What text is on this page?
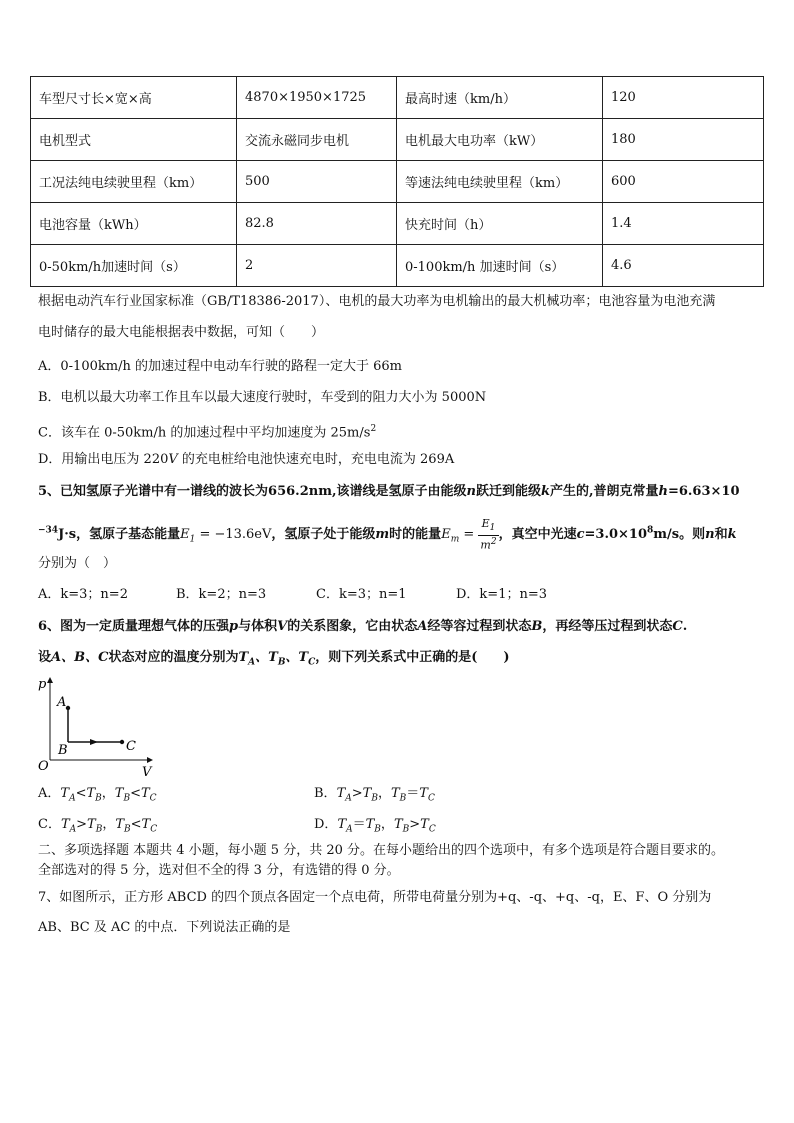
车型尺寸长×宽×高	4870×1950×1725	最高时速（km/h）	120
电机型式	交流永磁同步电机	电机最大电功率（kW）	180
工况法纯电续驶里程（km）	500	等速法纯电续驶里程（km）	600
电池容量（kWh）	82.8	快充时间（h）	1.4
0-50km/h加速时间（s）	2	0-100km/h 加速时间（s）	4.6
根据电动汽车行业国家标准（GB/T18386-2017）、电机的最大功率为电机输出的最大机械功率；电池容量为电池充满
电时储存的最大电能根据表中数据，可知（　　）
A．0-100km/h 的加速过程中电动车行驶的路程一定大于 66m
B．电机以最大功率工作且车以最大速度行驶时，车受到的阻力大小为 5000N
C．该车在 0-50km/h 的加速过程中平均加速度为 $25m/s^2$
D．用输出电压为 220V 的充电桩给电池快速充电时，充电电流为 269A
5、已知氢原子光谱中有一谱线的波长为656.2nm,该谱线是氢原子由能级n跃迁到能级k产生的,普朗克常量h=6.63×10
$^{-34}$J·s，氢原子基态能量$E_1 = -13.6eV$，氢原子处于能级m时的能量$E_m = \frac{E_1}{m^2}$ ，真空中光速$c=3.0\times 10^8m/s$。则n和k
分别为（　）
A．k=3；n=2	B．k=2；n=3	C．k=3；n=1	D．k=1；n=3
6、图为一定质量理想气体的压强p与体积V的关系图象，它由状态A经等容过程到状态B，再经等压过程到状态C.
设A、B、C状态对应的温度分别为$T_A$、$T_B$、$T_C$，则下列关系式中正确的是(　　)
p
V
O
A
B	C
A．$T_A<T_B$，$T_B<T_C$	B．$T_A>T_B$，$T_B=T_C$
C．$T_A>T_B$，$T_B<T_C$	D．$T_A=T_B$，$T_B>T_C$
二、多项选择题 本题共 4 小题，每小题 5 分，共 20 分。在每小题给出的四个选项中，有多个选项是符合题目要求的。
全部选对的得 5 分，选对但不全的得 3 分，有选错的得 0 分。
7、如图所示，正方形 ABCD 的四个顶点各固定一个点电荷，所带电荷量分别为+q、-q、+q、-q，E、F、O 分别为
AB、BC 及 AC 的中点．下列说法正确的是
